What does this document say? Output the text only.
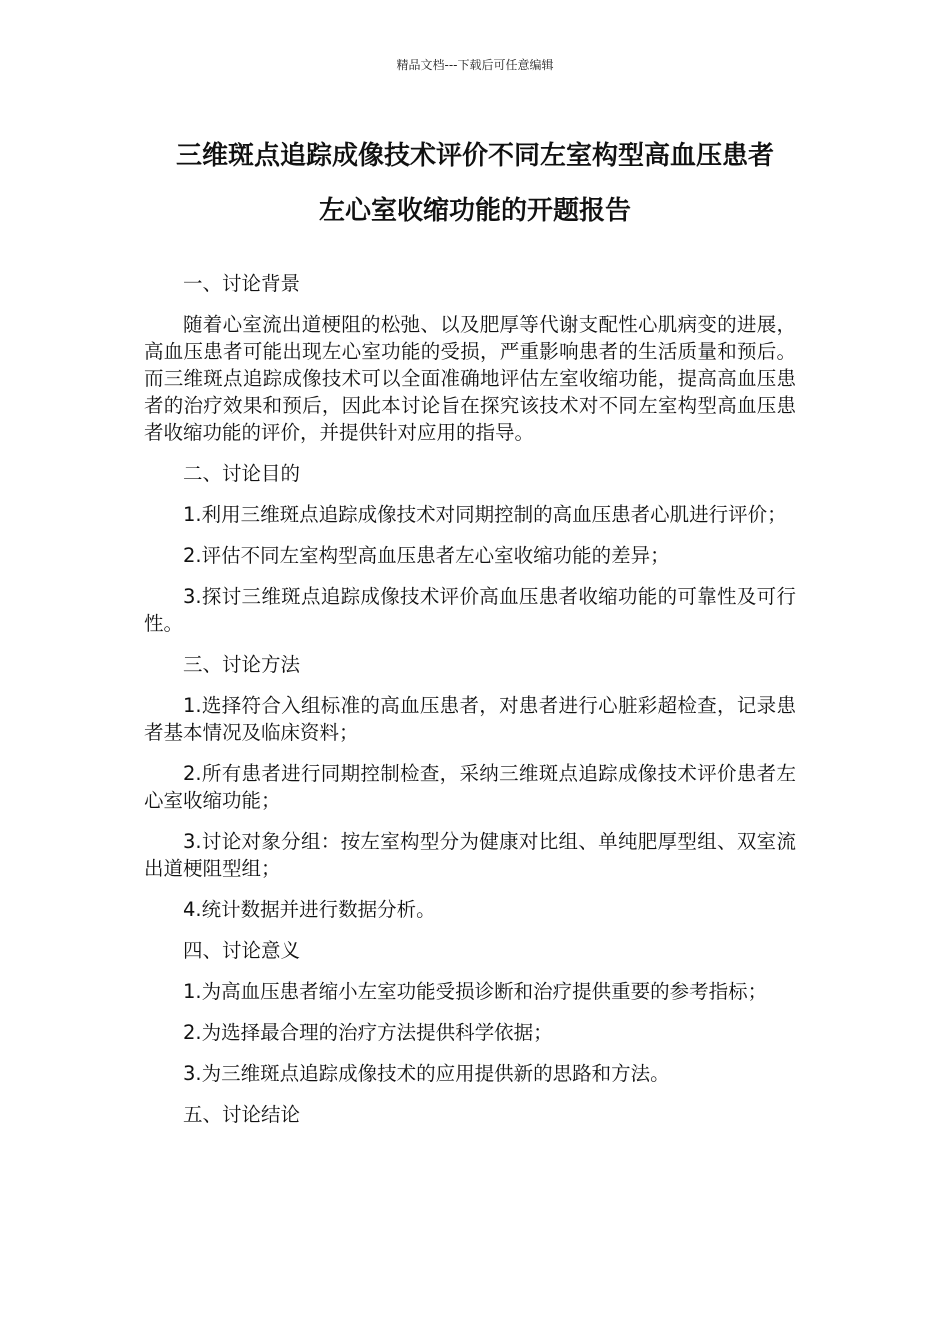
精品文档---下载后可任意编辑
三维斑点追踪成像技术评价不同左室构型高血压患者
左心室收缩功能的开题报告
一、讨论背景

随着心室流出道梗阻的松弛、以及肥厚等代谢支配性心肌病变的进展，高血压患者可能出现左心室功能的受损，严重影响患者的生活质量和预后。而三维斑点追踪成像技术可以全面准确地评估左室收缩功能，提高高血压患者的治疗效果和预后，因此本讨论旨在探究该技术对不同左室构型高血压患者收缩功能的评价，并提供针对应用的指导。

二、讨论目的

1.利用三维斑点追踪成像技术对同期控制的高血压患者心肌进行评价；

2.评估不同左室构型高血压患者左心室收缩功能的差异；

3.探讨三维斑点追踪成像技术评价高血压患者收缩功能的可靠性及可行性。

三、讨论方法

1.选择符合入组标准的高血压患者，对患者进行心脏彩超检查，记录患者基本情况及临床资料；

2.所有患者进行同期控制检查，采纳三维斑点追踪成像技术评价患者左心室收缩功能；

3.讨论对象分组：按左室构型分为健康对比组、单纯肥厚型组、双室流出道梗阻型组；

4.统计数据并进行数据分析。

四、讨论意义

1.为高血压患者缩小左室功能受损诊断和治疗提供重要的参考指标；

2.为选择最合理的治疗方法提供科学依据；

3.为三维斑点追踪成像技术的应用提供新的思路和方法。

五、讨论结论
